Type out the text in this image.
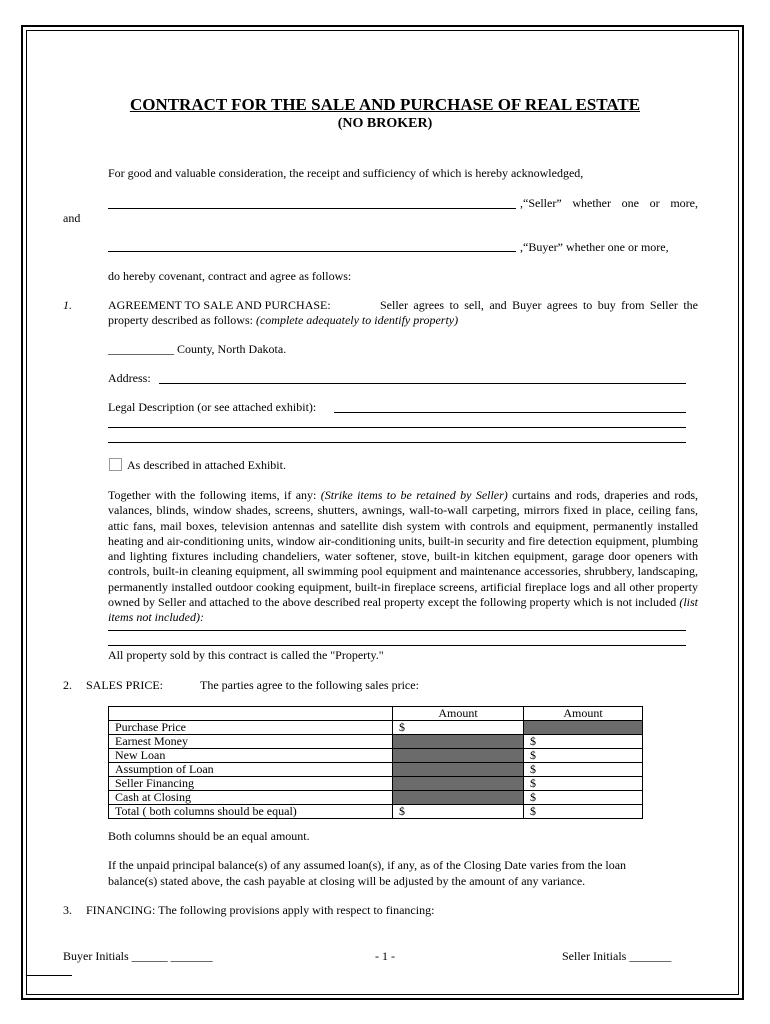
CONTRACT FOR THE SALE AND PURCHASE OF REAL ESTATE
(NO BROKER)
For good and valuable consideration, the receipt and sufficiency of which is hereby acknowledged,
,“Seller” whether one or more,
and
,“Buyer” whether one or more,
do hereby covenant, contract and agree as follows:
1.	AGREEMENT TO SALE AND PURCHASE:	Seller agrees to sell, and Buyer agrees to buy from Seller the
property described as follows: (complete adequately to identify property)
___________ County, North Dakota.
Address:
Legal Description (or see attached exhibit):
As described in attached Exhibit.
Together with the following items, if any: (Strike items to be retained by Seller) curtains and rods, draperies and rods, valances, blinds, window shades, screens, shutters, awnings, wall-to-wall carpeting, mirrors fixed in place, ceiling fans, attic fans, mail boxes, television antennas and satellite dish system with controls and equipment, permanently installed heating and air-conditioning units, window air-conditioning units, built-in security and fire detection equipment, plumbing and lighting fixtures including chandeliers, water softener, stove, built-in kitchen equipment, garage door openers with controls, built-in cleaning equipment, all swimming pool equipment and maintenance accessories, shrubbery, landscaping, permanently installed outdoor cooking equipment, built-in fireplace screens, artificial fireplace logs and all other property owned by Seller and attached to the above described real property except the following property which is not included (list items not included):
All property sold by this contract is called the "Property."
2. SALES PRICE:	The parties agree to the following sales price:
	Amount	Amount
Purchase Price	$	
Earnest Money		$
New Loan		$
Assumption of Loan		$
Seller Financing		$
Cash at Closing		$
Total ( both columns should be equal)	$	$
Both columns should be an equal amount.
If the unpaid principal balance(s) of any assumed loan(s), if any, as of the Closing Date varies from the loan
balance(s) stated above, the cash payable at closing will be adjusted by the amount of any variance.
3. FINANCING: The following provisions apply with respect to financing:
Buyer Initials ______ _______	- 1 -	Seller Initials _______
